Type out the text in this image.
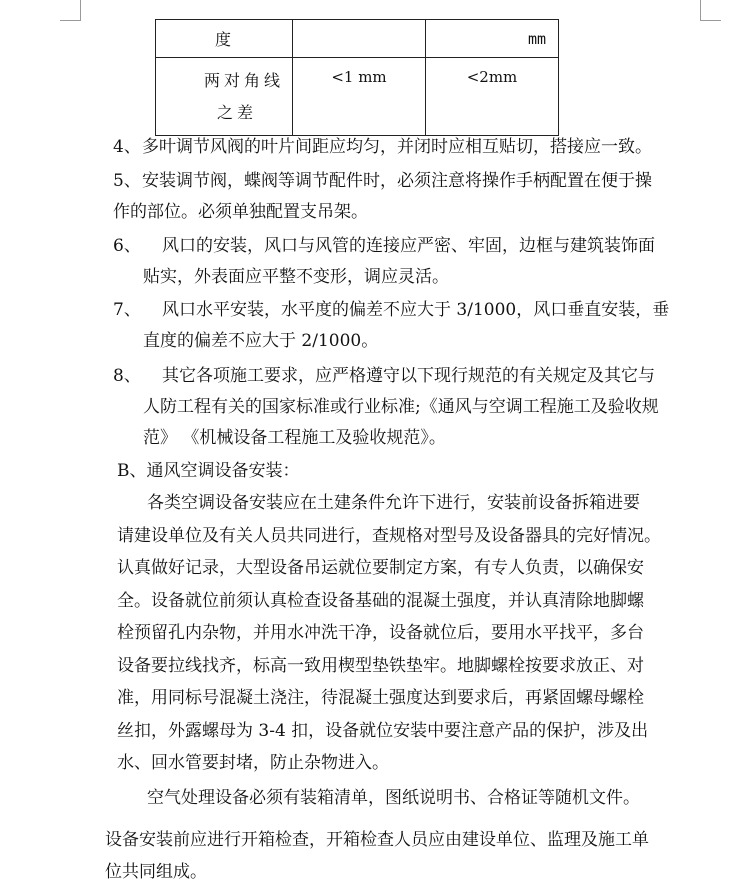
度		mm

两对角线
之差	<1 mm	<2mm
4、 多叶调节风阀的叶片间距应均匀，并闭时应相互贴切，搭接应一致。
5、 安装调节阀，蝶阀等调节配件时，必须注意将操作手柄配置在便于操
作的部位。必须单独配置支吊架。
6、 风口的安装，风口与风管的连接应严密、牢固，边框与建筑装饰面
贴实，外表面应平整不变形，调应灵活。
7、 风口水平安装，水平度的偏差不应大于 3/1000，风口垂直安装，垂
直度的偏差不应大于 2/1000。
8、 其它各项施工要求，应严格遵守以下现行规范的有关规定及其它与
人防工程有关的国家标准或行业标准;《通风与空调工程施工及验收规
范》 《机械设备工程施工及验收规范》。
B、通风空调设备安装：
各类空调设备安装应在土建条件允许下进行，安装前设备拆箱进要
请建设单位及有关人员共同进行，查规格对型号及设备器具的完好情况。
认真做好记录，大型设备吊运就位要制定方案，有专人负责，以确保安
全。设备就位前须认真检查设备基础的混凝土强度，并认真清除地脚螺
栓预留孔内杂物，并用水冲洗干净，设备就位后，要用水平找平，多台
设备要拉线找齐，标高一致用楔型垫铁垫牢。地脚螺栓按要求放正、对
准，用同标号混凝土浇注，待混凝土强度达到要求后，再紧固螺母螺栓
丝扣，外露螺母为 3-4 扣，设备就位安装中要注意产品的保护，涉及出
水、回水管要封堵，防止杂物进入。
空气处理设备必须有装箱清单，图纸说明书、合格证等随机文件。
设备安装前应进行开箱检查，开箱检查人员应由建设单位、监理及施工单
位共同组成。
